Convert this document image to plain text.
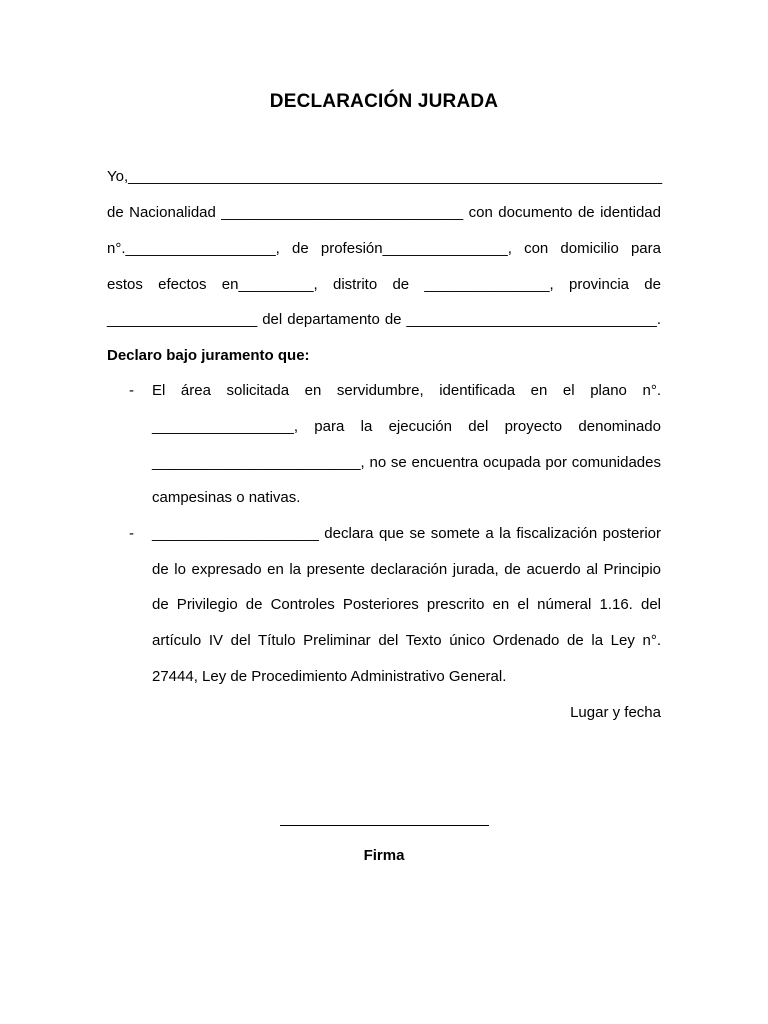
DECLARACIÓN JURADA
Yo,________________________________________________________________
de Nacionalidad _____________________________ con documento de identidad
n°.__________________, de profesión_______________, con domicilio para
estos efectos en_________, distrito de _______________, provincia de
__________________ del departamento de ______________________________.
Declaro bajo juramento que:
- El área solicitada en servidumbre, identificada en el plano n°.
_________________, para la ejecución del proyecto denominado
_________________________, no se encuentra ocupada por comunidades
campesinas o nativas.
- ____________________ declara que se somete a la fiscalización posterior
de lo expresado en la presente declaración jurada, de acuerdo al Principio
de Privilegio de Controles Posteriores prescrito en el númeral 1.16. del
artículo IV del Título Preliminar del Texto único Ordenado de la Ley n°.
27444, Ley de Procedimiento Administrativo General.
Lugar y fecha
Firma
